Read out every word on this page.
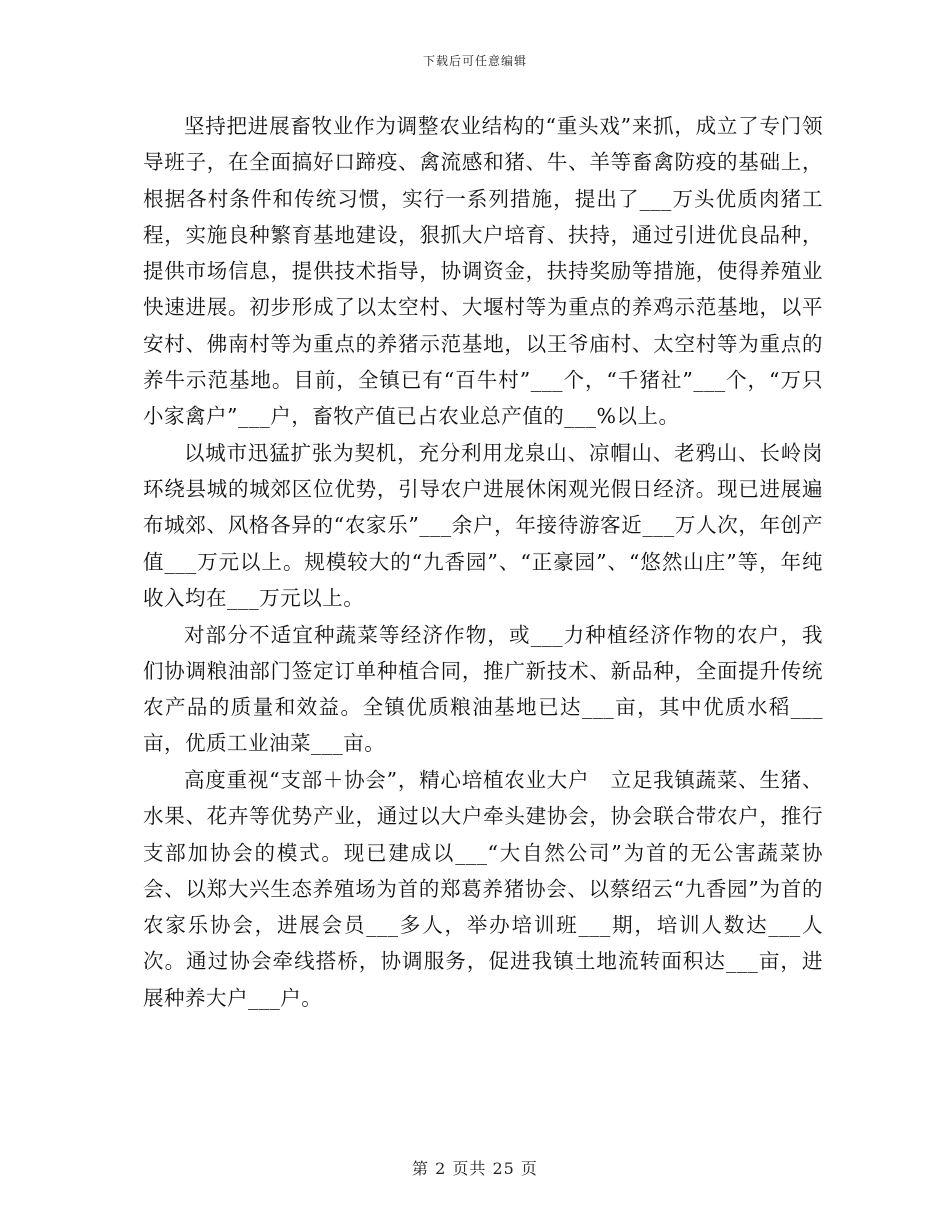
下载后可任意编辑

坚持把进展畜牧业作为调整农业结构的“重头戏”来抓，成立了专门领导班子，在全面搞好口蹄疫、禽流感和猪、牛、羊等畜禽防疫的基础上，根据各村条件和传统习惯，实行一系列措施，提出了___万头优质肉猪工程，实施良种繁育基地建设，狠抓大户培育、扶持，通过引进优良品种，提供市场信息，提供技术指导，协调资金，扶持奖励等措施，使得养殖业快速进展。初步形成了以太空村、大堰村等为重点的养鸡示范基地，以平安村、佛南村等为重点的养猪示范基地，以王爷庙村、太空村等为重点的养牛示范基地。目前，全镇已有“百牛村”___个，“千猪社”___个，“万只小家禽户”___户，畜牧产值已占农业总产值的___%以上。

以城市迅猛扩张为契机，充分利用龙泉山、凉帽山、老鸦山、长岭岗环绕县城的城郊区位优势，引导农户进展休闲观光假日经济。现已进展遍布城郊、风格各异的“农家乐”___余户，年接待游客近___万人次，年创产值___万元以上。规模较大的“九香园”、“正豪园”、“悠然山庄”等，年纯收入均在___万元以上。

对部分不适宜种蔬菜等经济作物，或___力种植经济作物的农户，我们协调粮油部门签定订单种植合同，推广新技术、新品种，全面提升传统农产品的质量和效益。全镇优质粮油基地已达___亩，其中优质水稻___亩，优质工业油菜___亩。

高度重视“支部＋协会”，精心培植农业大户　立足我镇蔬菜、生猪、水果、花卉等优势产业，通过以大户牵头建协会，协会联合带农户，推行支部加协会的模式。现已建成以___“大自然公司”为首的无公害蔬菜协会、以郑大兴生态养殖场为首的郑葛养猪协会、以蔡绍云“九香园”为首的农家乐协会，进展会员___多人，举办培训班___期，培训人数达___人次。通过协会牵线搭桥，协调服务，促进我镇土地流转面积达___亩，进展种养大户___户。

第 2 页共 25 页
